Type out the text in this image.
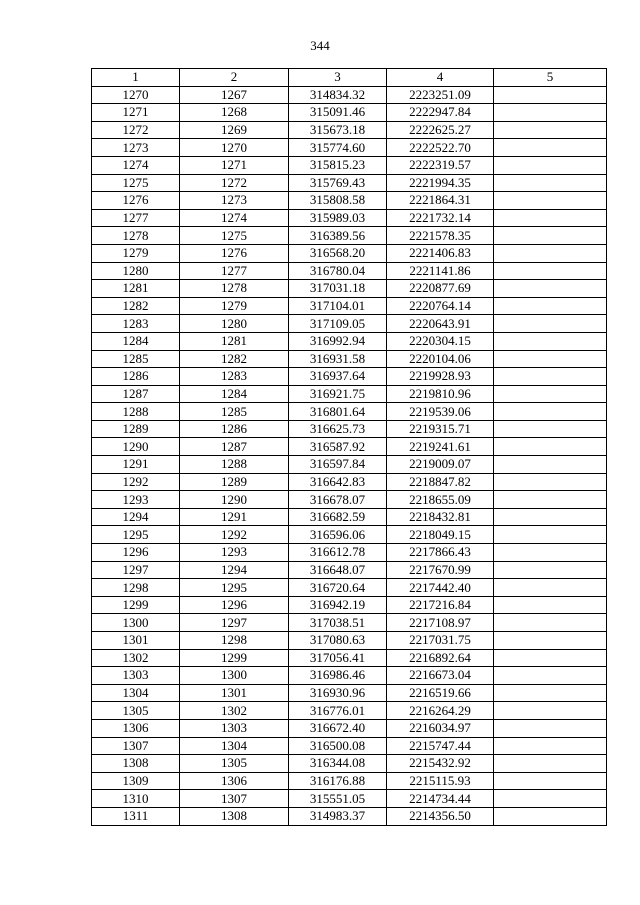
344
1	2	3	4	5
1270	1267	314834.32	2223251.09	
1271	1268	315091.46	2222947.84	
1272	1269	315673.18	2222625.27	
1273	1270	315774.60	2222522.70	
1274	1271	315815.23	2222319.57	
1275	1272	315769.43	2221994.35	
1276	1273	315808.58	2221864.31	
1277	1274	315989.03	2221732.14	
1278	1275	316389.56	2221578.35	
1279	1276	316568.20	2221406.83	
1280	1277	316780.04	2221141.86	
1281	1278	317031.18	2220877.69	
1282	1279	317104.01	2220764.14	
1283	1280	317109.05	2220643.91	
1284	1281	316992.94	2220304.15	
1285	1282	316931.58	2220104.06	
1286	1283	316937.64	2219928.93	
1287	1284	316921.75	2219810.96	
1288	1285	316801.64	2219539.06	
1289	1286	316625.73	2219315.71	
1290	1287	316587.92	2219241.61	
1291	1288	316597.84	2219009.07	
1292	1289	316642.83	2218847.82	
1293	1290	316678.07	2218655.09	
1294	1291	316682.59	2218432.81	
1295	1292	316596.06	2218049.15	
1296	1293	316612.78	2217866.43	
1297	1294	316648.07	2217670.99	
1298	1295	316720.64	2217442.40	
1299	1296	316942.19	2217216.84	
1300	1297	317038.51	2217108.97	
1301	1298	317080.63	2217031.75	
1302	1299	317056.41	2216892.64	
1303	1300	316986.46	2216673.04	
1304	1301	316930.96	2216519.66	
1305	1302	316776.01	2216264.29	
1306	1303	316672.40	2216034.97	
1307	1304	316500.08	2215747.44	
1308	1305	316344.08	2215432.92	
1309	1306	316176.88	2215115.93	
1310	1307	315551.05	2214734.44	
1311	1308	314983.37	2214356.50	
